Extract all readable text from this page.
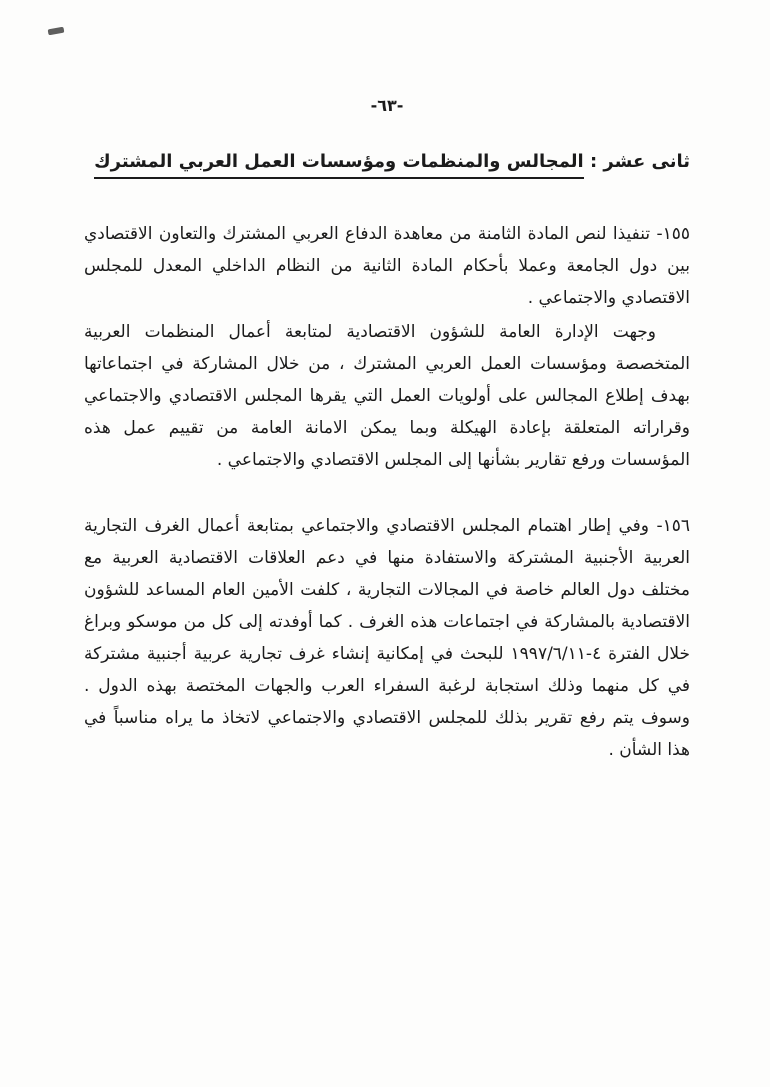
-٦٣-
ثانى عشر : المجالس والمنظمات ومؤسسات العمل العربي المشترك

١٥٥- تنفيذا لنص المادة الثامنة من معاهدة الدفاع العربي المشترك والتعاون الاقتصادي بين دول الجامعة وعملا بأحكام المادة الثانية من النظام الداخلي المعدل للمجلس الاقتصادي والاجتماعي .

وجهت الإدارة العامة للشؤون الاقتصادية لمتابعة أعمال المنظمات العربية المتخصصة ومؤسسات العمل العربي المشترك ، من خلال المشاركة في اجتماعاتها بهدف إطلاع المجالس على أولويات العمل التي يقرها المجلس الاقتصادي والاجتماعي وقراراته المتعلقة بإعادة الهيكلة وبما يمكن الامانة العامة من تقييم عمل هذه المؤسسات ورفع تقارير بشأنها إلى المجلس الاقتصادي والاجتماعي .

١٥٦- وفي إطار اهتمام المجلس الاقتصادي والاجتماعي بمتابعة أعمال الغرف التجارية العربية الأجنبية المشتركة والاستفادة منها في دعم العلاقات الاقتصادية العربية مع مختلف دول العالم خاصة في المجالات التجارية ، كلفت الأمين العام المساعد للشؤون الاقتصادية بالمشاركة في اجتماعات هذه الغرف . كما أوفدته إلى كل من موسكو وبراغ خلال الفترة ٤-١٩٩٧/٦/١١ للبحث في إمكانية إنشاء غرف تجارية عربية أجنبية مشتركة في كل منهما وذلك استجابة لرغبة السفراء العرب والجهات المختصة بهذه الدول . وسوف يتم رفع تقرير بذلك للمجلس الاقتصادي والاجتماعي لاتخاذ ما يراه مناسباً في هذا الشأن .
